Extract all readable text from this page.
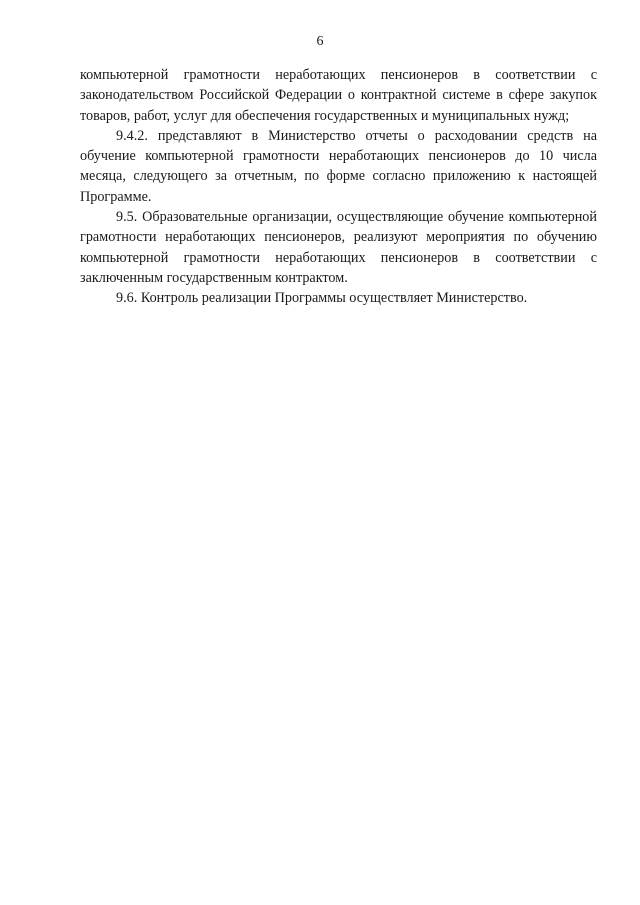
6

компьютерной грамотности неработающих пенсионеров в соответствии с законодательством Российской Федерации о контрактной системе в сфере закупок товаров, работ, услуг для обеспечения государственных и муниципальных нужд;

9.4.2. представляют в Министерство отчеты о расходовании средств на обучение компьютерной грамотности неработающих пенсионеров до 10 числа месяца, следующего за отчетным, по форме согласно приложению к настоящей Программе.

9.5. Образовательные организации, осуществляющие обучение компьютерной грамотности неработающих пенсионеров, реализуют мероприятия по обучению компьютерной грамотности неработающих пенсионеров в соответствии с заключенным государственным контрактом.

9.6. Контроль реализации Программы осуществляет Министерство.
